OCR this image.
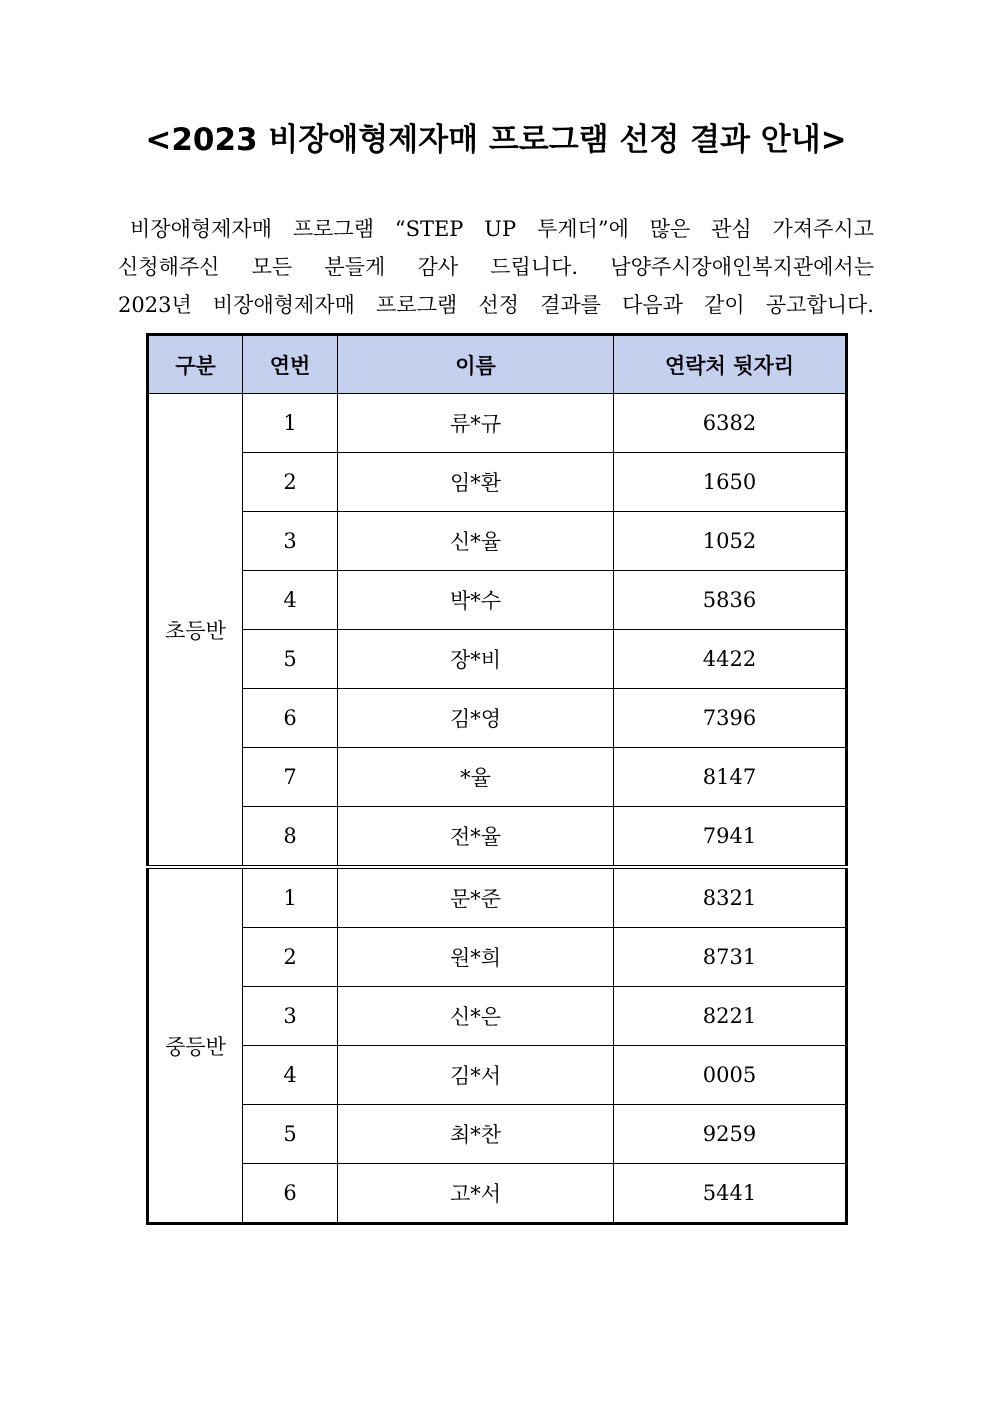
<2023 비장애형제자매 프로그램 선정 결과 안내>

비장애형제자매 프로그램 “STEP UP 투게더”에 많은 관심 가져주시고
신청해주신 모든 분들게 감사 드립니다. 남양주시장애인복지관에서는
2023년 비장애형제자매 프로그램 선정 결과를 다음과 같이 공고합니다.

구분	연번	이름	연락처 뒷자리
초등반	1	류*규	6382
	2	임*환	1650
	3	신*율	1052
	4	박*수	5836
	5	장*비	4422
	6	김*영	7396
	7	*율	8147
	8	전*율	7941
중등반	1	문*준	8321
	2	원*희	8731
	3	신*은	8221
	4	김*서	0005
	5	최*찬	9259
	6	고*서	5441
